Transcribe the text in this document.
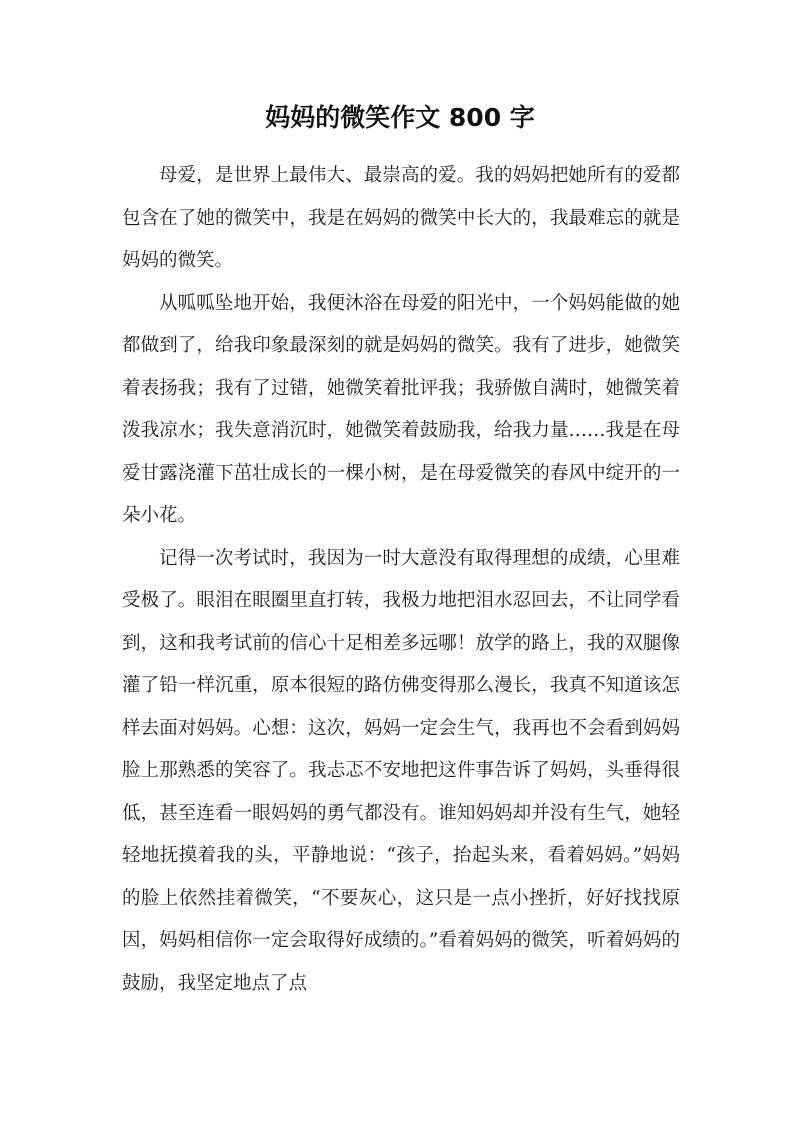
妈妈的微笑作文 800 字

母爱，是世界上最伟大、最崇高的爱。我的妈妈把她所有的爱都包含在了她的微笑中，我是在妈妈的微笑中长大的，我最难忘的就是妈妈的微笑。

从呱呱坠地开始，我便沐浴在母爱的阳光中，一个妈妈能做的她都做到了，给我印象最深刻的就是妈妈的微笑。我有了进步，她微笑着表扬我；我有了过错，她微笑着批评我；我骄傲自满时，她微笑着泼我凉水；我失意消沉时，她微笑着鼓励我，给我力量……我是在母爱甘露浇灌下茁壮成长的一棵小树，是在母爱微笑的春风中绽开的一朵小花。

记得一次考试时，我因为一时大意没有取得理想的成绩，心里难受极了。眼泪在眼圈里直打转，我极力地把泪水忍回去，不让同学看到，这和我考试前的信心十足相差多远哪！放学的路上，我的双腿像灌了铅一样沉重，原本很短的路仿佛变得那么漫长，我真不知道该怎样去面对妈妈。心想：这次，妈妈一定会生气，我再也不会看到妈妈脸上那熟悉的笑容了。我忐忑不安地把这件事告诉了妈妈，头垂得很低，甚至连看一眼妈妈的勇气都没有。谁知妈妈却并没有生气，她轻轻地抚摸着我的头，平静地说：“孩子，抬起头来，看着妈妈。”妈妈的脸上依然挂着微笑，“不要灰心，这只是一点小挫折，好好找找原因，妈妈相信你一定会取得好成绩的。”看着妈妈的微笑，听着妈妈的鼓励，我坚定地点了点
